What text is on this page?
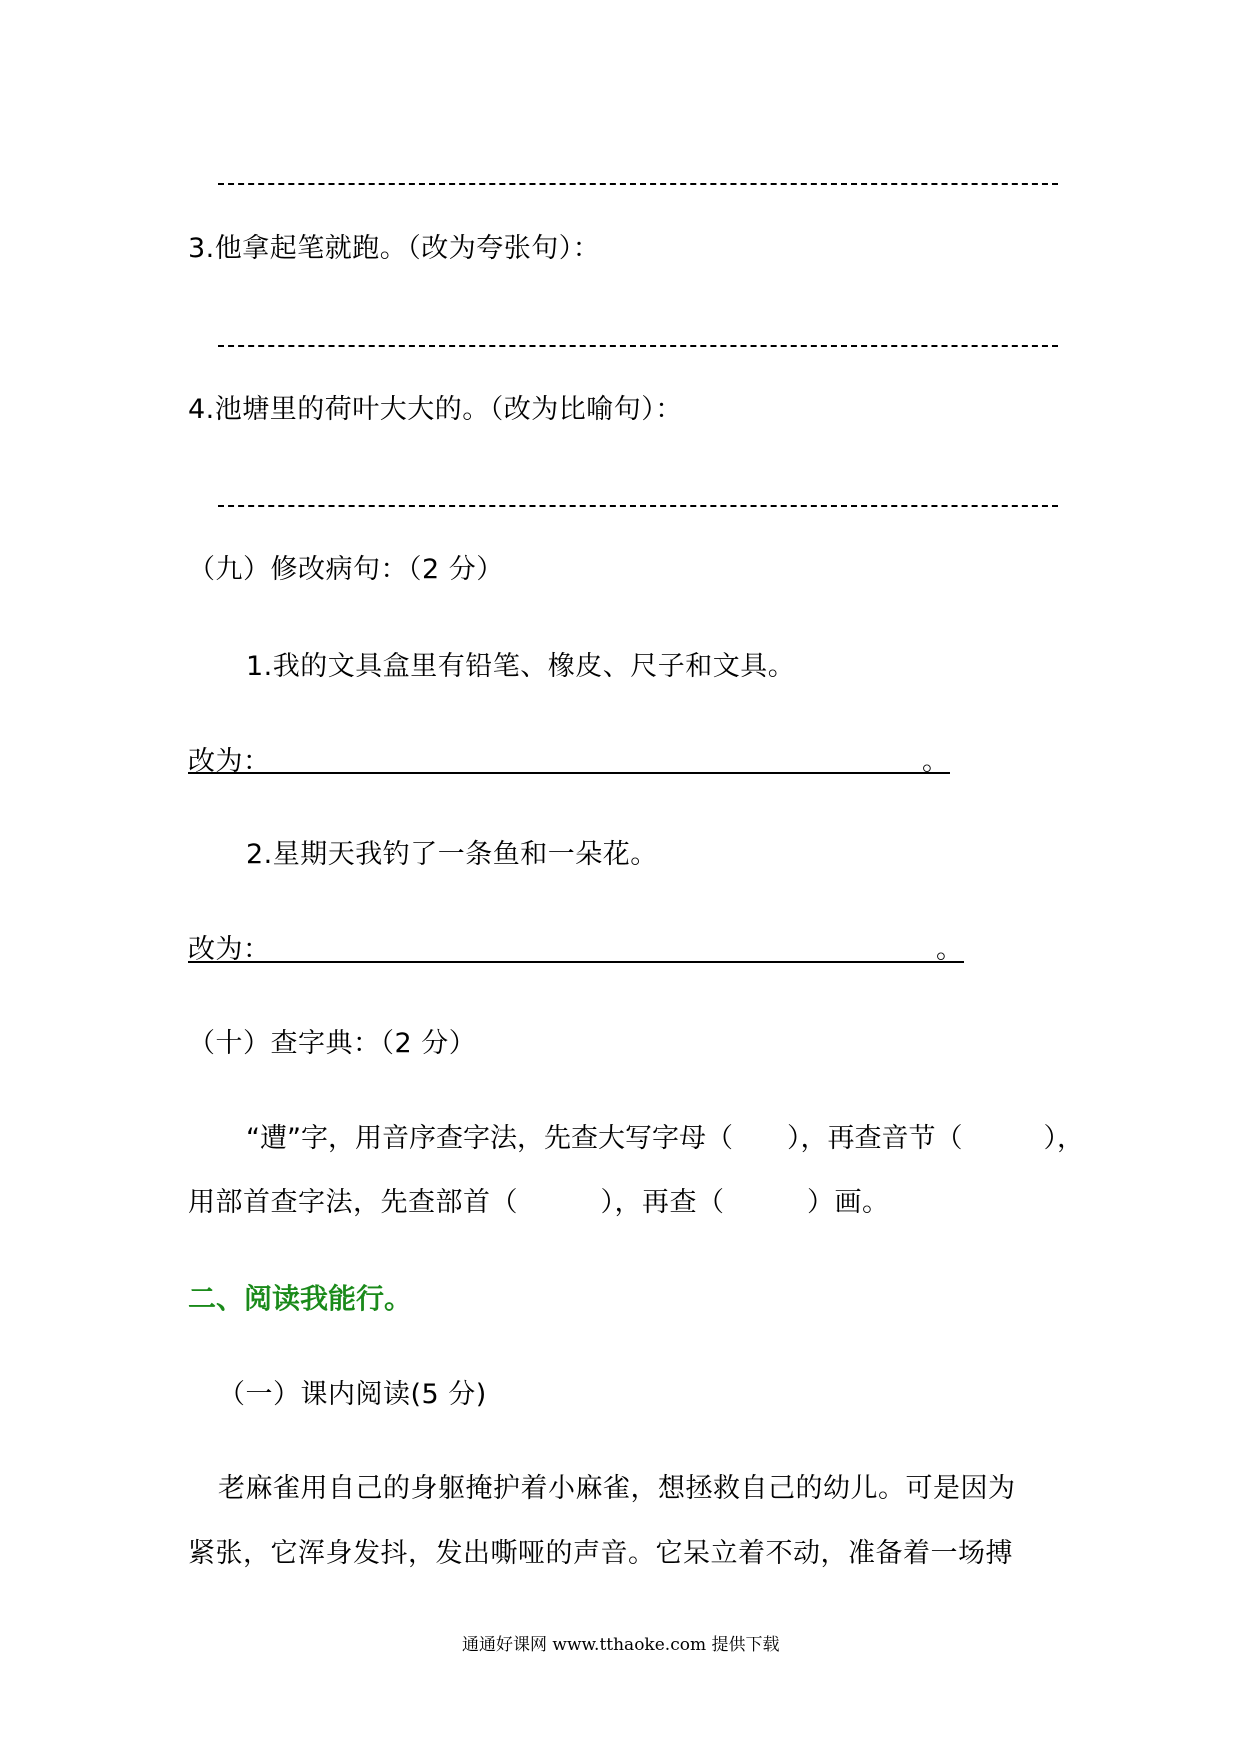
3.他拿起笔就跑。（改为夸张句）：
4.池塘里的荷叶大大的。（改为比喻句）：
（九）修改病句：（2 分）
1.我的文具盒里有铅笔、橡皮、尺子和文具。
改为：	。
2.星期天我钓了一条鱼和一朵花。
改为：	。
（十）查字典：（2 分）
“遭”字，用音序查字法，先查大写字母（　　），再查音节（　　　），
用部首查字法，先查部首（　　　），再查（　　　）画。
二、阅读我能行。
（一）课内阅读(5 分)
老麻雀用自己的身躯掩护着小麻雀，想拯救自己的幼儿。可是因为
紧张，它浑身发抖，发出嘶哑的声音。它呆立着不动，准备着一场搏
通通好课网 www.tthaoke.com 提供下载
